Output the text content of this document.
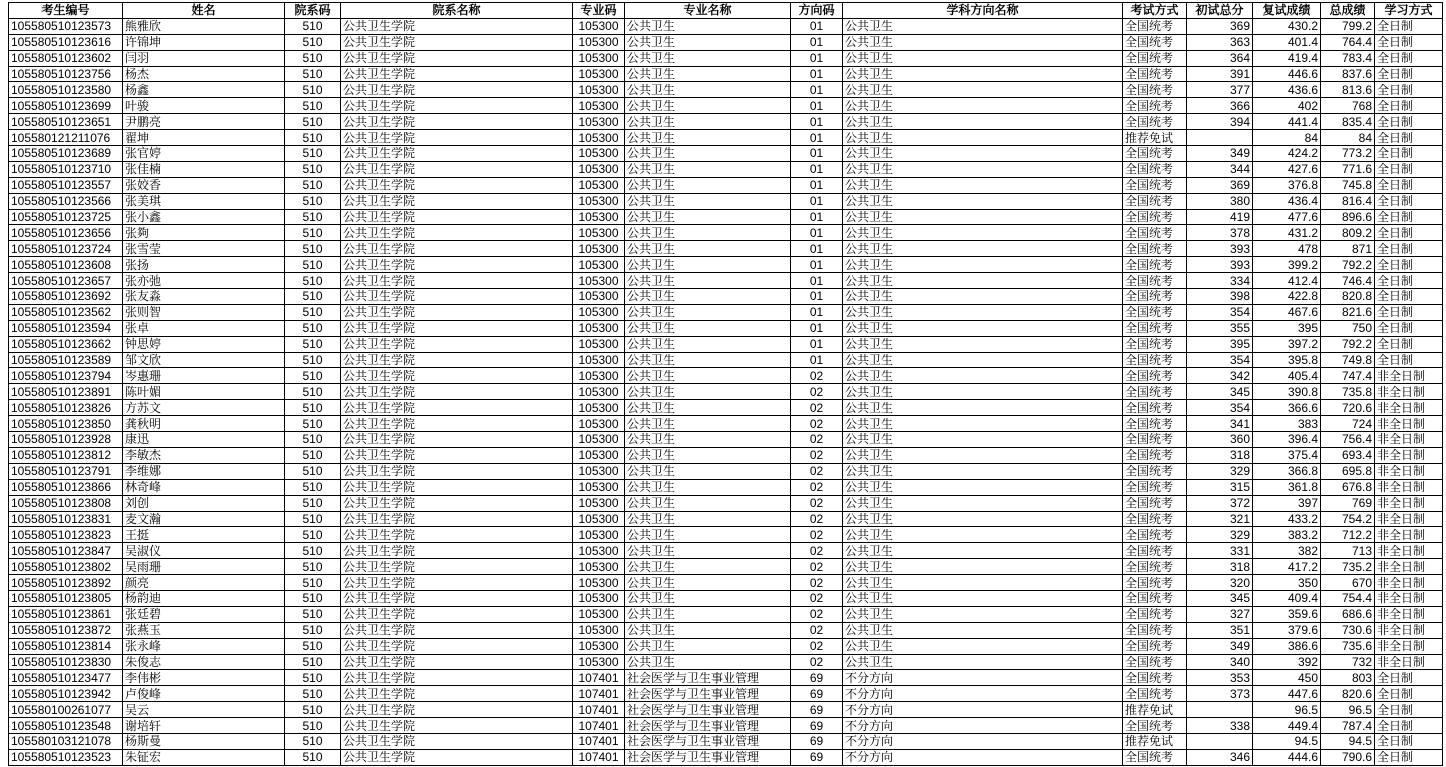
考生编号	姓名	院系码	院系名称	专业码	专业名称	方向码	学科方向名称	考试方式	初试总分	复试成绩	总成绩	学习方式
105580510123573	熊雅欣	510	公共卫生学院	105300	公共卫生	01	公共卫生	全国统考	369	430.2	799.2	全日制
105580510123616	许锦坤	510	公共卫生学院	105300	公共卫生	01	公共卫生	全国统考	363	401.4	764.4	全日制
105580510123602	闫羽	510	公共卫生学院	105300	公共卫生	01	公共卫生	全国统考	364	419.4	783.4	全日制
105580510123756	杨杰	510	公共卫生学院	105300	公共卫生	01	公共卫生	全国统考	391	446.6	837.6	全日制
105580510123580	杨鑫	510	公共卫生学院	105300	公共卫生	01	公共卫生	全国统考	377	436.6	813.6	全日制
105580510123699	叶骏	510	公共卫生学院	105300	公共卫生	01	公共卫生	全国统考	366	402	768	全日制
105580510123651	尹鹏亮	510	公共卫生学院	105300	公共卫生	01	公共卫生	全国统考	394	441.4	835.4	全日制
105580121211076	翟坤	510	公共卫生学院	105300	公共卫生	01	公共卫生	推荐免试		84	84	全日制
105580510123689	张官婷	510	公共卫生学院	105300	公共卫生	01	公共卫生	全国统考	349	424.2	773.2	全日制
105580510123710	张佳楠	510	公共卫生学院	105300	公共卫生	01	公共卫生	全国统考	344	427.6	771.6	全日制
105580510123557	张姣香	510	公共卫生学院	105300	公共卫生	01	公共卫生	全国统考	369	376.8	745.8	全日制
105580510123566	张美琪	510	公共卫生学院	105300	公共卫生	01	公共卫生	全国统考	380	436.4	816.4	全日制
105580510123725	张小鑫	510	公共卫生学院	105300	公共卫生	01	公共卫生	全国统考	419	477.6	896.6	全日制
105580510123656	张夠	510	公共卫生学院	105300	公共卫生	01	公共卫生	全国统考	378	431.2	809.2	全日制
105580510123724	张雪莹	510	公共卫生学院	105300	公共卫生	01	公共卫生	全国统考	393	478	871	全日制
105580510123608	张扬	510	公共卫生学院	105300	公共卫生	01	公共卫生	全国统考	393	399.2	792.2	全日制
105580510123657	张亦弛	510	公共卫生学院	105300	公共卫生	01	公共卫生	全国统考	334	412.4	746.4	全日制
105580510123692	张友淼	510	公共卫生学院	105300	公共卫生	01	公共卫生	全国统考	398	422.8	820.8	全日制
105580510123562	张则智	510	公共卫生学院	105300	公共卫生	01	公共卫生	全国统考	354	467.6	821.6	全日制
105580510123594	张卓	510	公共卫生学院	105300	公共卫生	01	公共卫生	全国统考	355	395	750	全日制
105580510123662	钟思婷	510	公共卫生学院	105300	公共卫生	01	公共卫生	全国统考	395	397.2	792.2	全日制
105580510123589	邹文欣	510	公共卫生学院	105300	公共卫生	01	公共卫生	全国统考	354	395.8	749.8	全日制
105580510123794	岑惠珊	510	公共卫生学院	105300	公共卫生	02	公共卫生	全国统考	342	405.4	747.4	非全日制
105580510123891	陈叶媚	510	公共卫生学院	105300	公共卫生	02	公共卫生	全国统考	345	390.8	735.8	非全日制
105580510123826	方苏文	510	公共卫生学院	105300	公共卫生	02	公共卫生	全国统考	354	366.6	720.6	非全日制
105580510123850	龚秋明	510	公共卫生学院	105300	公共卫生	02	公共卫生	全国统考	341	383	724	非全日制
105580510123928	康迅	510	公共卫生学院	105300	公共卫生	02	公共卫生	全国统考	360	396.4	756.4	非全日制
105580510123812	李敏杰	510	公共卫生学院	105300	公共卫生	02	公共卫生	全国统考	318	375.4	693.4	非全日制
105580510123791	李维娜	510	公共卫生学院	105300	公共卫生	02	公共卫生	全国统考	329	366.8	695.8	非全日制
105580510123866	林奇峰	510	公共卫生学院	105300	公共卫生	02	公共卫生	全国统考	315	361.8	676.8	非全日制
105580510123808	刘创	510	公共卫生学院	105300	公共卫生	02	公共卫生	全国统考	372	397	769	非全日制
105580510123831	麦文瀚	510	公共卫生学院	105300	公共卫生	02	公共卫生	全国统考	321	433.2	754.2	非全日制
105580510123823	王挺	510	公共卫生学院	105300	公共卫生	02	公共卫生	全国统考	329	383.2	712.2	非全日制
105580510123847	吴淑仪	510	公共卫生学院	105300	公共卫生	02	公共卫生	全国统考	331	382	713	非全日制
105580510123802	吴雨珊	510	公共卫生学院	105300	公共卫生	02	公共卫生	全国统考	318	417.2	735.2	非全日制
105580510123892	颜亮	510	公共卫生学院	105300	公共卫生	02	公共卫生	全国统考	320	350	670	非全日制
105580510123805	杨韵迪	510	公共卫生学院	105300	公共卫生	02	公共卫生	全国统考	345	409.4	754.4	非全日制
105580510123861	张廷碧	510	公共卫生学院	105300	公共卫生	02	公共卫生	全国统考	327	359.6	686.6	非全日制
105580510123872	张燕玉	510	公共卫生学院	105300	公共卫生	02	公共卫生	全国统考	351	379.6	730.6	非全日制
105580510123814	张永峰	510	公共卫生学院	105300	公共卫生	02	公共卫生	全国统考	349	386.6	735.6	非全日制
105580510123830	朱俊志	510	公共卫生学院	105300	公共卫生	02	公共卫生	全国统考	340	392	732	非全日制
105580510123477	李伟彬	510	公共卫生学院	107401	社会医学与卫生事业管理	69	不分方向	全国统考	353	450	803	全日制
105580510123942	卢俊峰	510	公共卫生学院	107401	社会医学与卫生事业管理	69	不分方向	全国统考	373	447.6	820.6	全日制
105580100261077	吴云	510	公共卫生学院	107401	社会医学与卫生事业管理	69	不分方向	推荐免试		96.5	96.5	全日制
105580510123548	谢培轩	510	公共卫生学院	107401	社会医学与卫生事业管理	69	不分方向	全国统考	338	449.4	787.4	全日制
105580103121078	杨斯曼	510	公共卫生学院	107401	社会医学与卫生事业管理	69	不分方向	推荐免试		94.5	94.5	全日制
105580510123523	朱钲宏	510	公共卫生学院	107401	社会医学与卫生事业管理	69	不分方向	全国统考	346	444.6	790.6	全日制
